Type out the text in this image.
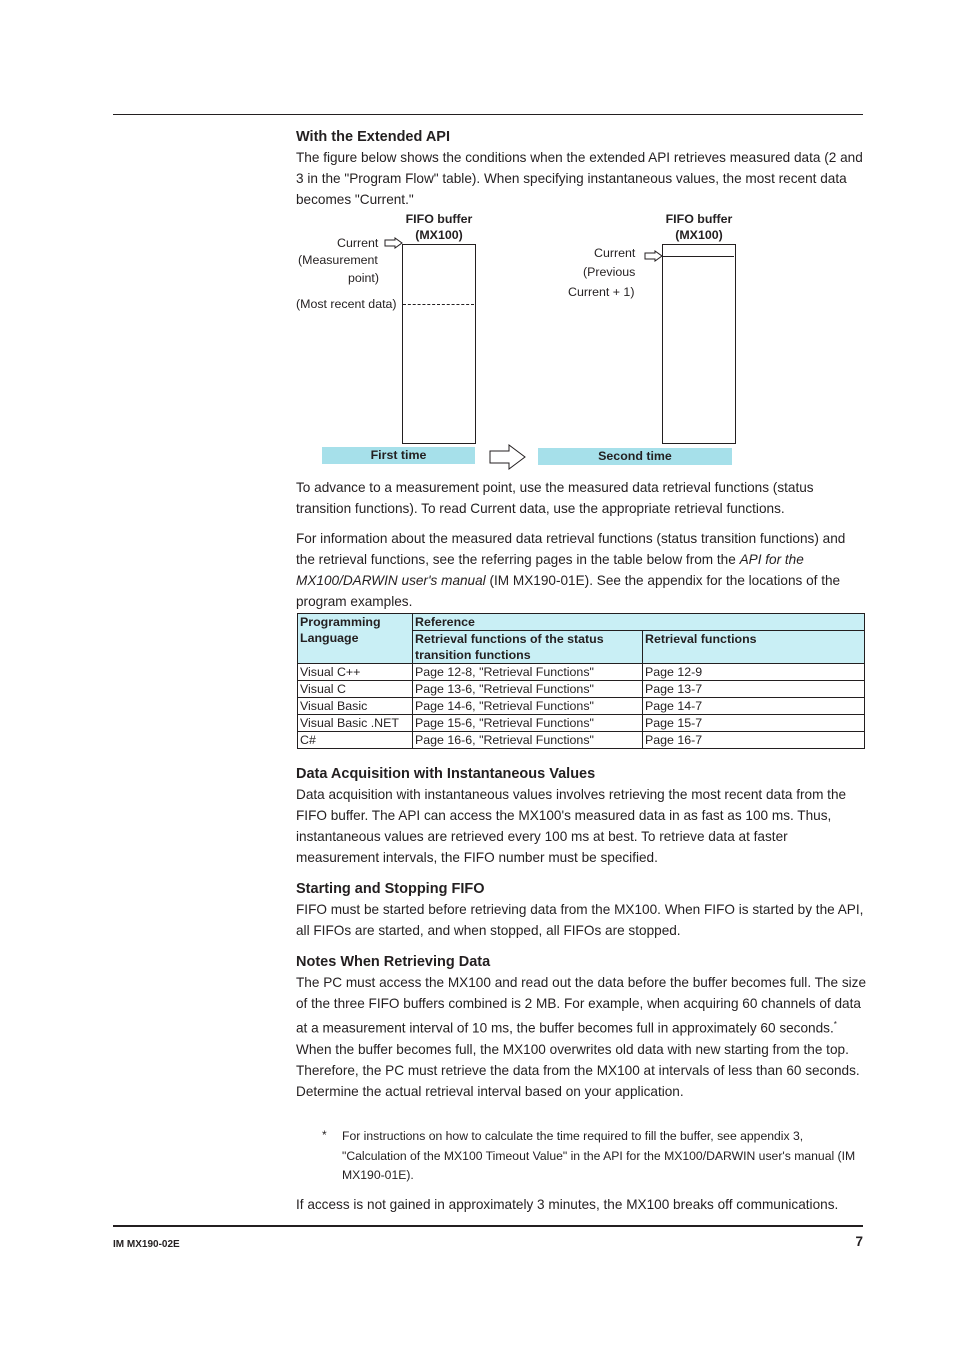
With the Extended API

The figure below shows the conditions when the extended API retrieves measured data (2 and 3 in the "Program Flow" table). When specifying instantaneous values, the most recent data becomes "Current."

FIFO buffer
(MX100)
Current
(Measurement
point)
(Most recent data)
First time
FIFO buffer
(MX100)
Current
(Previous
Current + 1)
Second time

To advance to a measurement point, use the measured data retrieval functions (status transition functions). To read Current data, use the appropriate retrieval functions.

For information about the measured data retrieval functions (status transition functions) and the retrieval functions, see the referring pages in the table below from the API for the MX100/DARWIN user's manual (IM MX190-01E). See the appendix for the locations of the program examples.

Programming Language	Reference	
	Retrieval functions of the status transition functions	Retrieval functions
Visual C++	Page 12-8, "Retrieval Functions"	Page 12-9
Visual C	Page 13-6, "Retrieval Functions"	Page 13-7
Visual Basic	Page 14-6, "Retrieval Functions"	Page 14-7
Visual Basic .NET	Page 15-6, "Retrieval Functions"	Page 15-7
C#	Page 16-6, "Retrieval Functions"	Page 16-7
Data Acquisition with Instantaneous Values

Data acquisition with instantaneous values involves retrieving the most recent data from the FIFO buffer. The API can access the MX100's measured data in as fast as 100 ms. Thus, instantaneous values are retrieved every 100 ms at best. To retrieve data at faster measurement intervals, the FIFO number must be specified.

Starting and Stopping FIFO

FIFO must be started before retrieving data from the MX100. When FIFO is started by the API, all FIFOs are started, and when stopped, all FIFOs are stopped.

Notes When Retrieving Data

The PC must access the MX100 and read out the data before the buffer becomes full. The size of the three FIFO buffers combined is 2 MB. For example, when acquiring 60 channels of data at a measurement interval of 10 ms, the buffer becomes full in approximately 60 seconds.* When the buffer becomes full, the MX100 overwrites old data with new starting from the top. Therefore, the PC must retrieve the data from the MX100 at intervals of less than 60 seconds. Determine the actual retrieval interval based on your application.

* For instructions on how to calculate the time required to fill the buffer, see appendix 3, "Calculation of the MX100 Timeout Value" in the API for the MX100/DARWIN user's manual (IM MX190-01E).

If access is not gained in approximately 3 minutes, the MX100 breaks off communications.

IM MX190-02E	7
